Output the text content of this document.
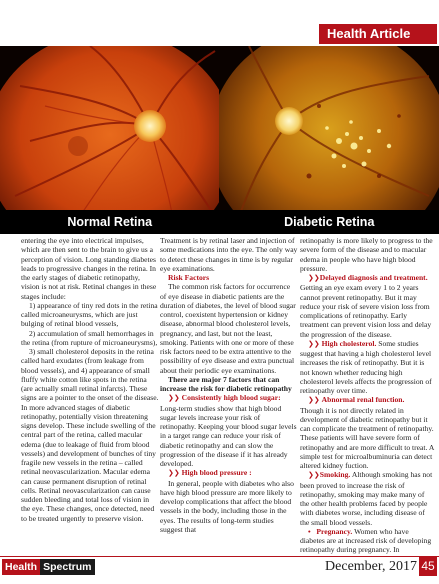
Health Article
Normal Retina	Diabetic Retina

entering the eye into electrical impulses, which are then sent to the brain to give us a perception of vision. Long standing diabetes leads to progressive changes in the retina. In the early stages of diabetic retinopathy, vision is not at risk. Retinal changes in these stages include:

1) appearance of tiny red dots in the retina called microaneurysms, which are just bulging of retinal blood vessels,

2) accumulation of small hemorrhages in the retina (from rupture of microaneurysms),

3) small cholesterol deposits in the retina called hard exudates (from leakage from blood vessels), and 4) appearance of small fluffy white cotton like spots in the retina (are actually small retinal infarcts). These signs are a pointer to the onset of the disease. In more advanced stages of diabetic retinopathy, potentially vision threatening signs develop. These include swelling of the central part of the retina, called macular edema (due to leakage of fluid from blood vessels) and development of bunches of tiny fragile new vessels in the retina – called retinal neovascularization. Macular edema can cause permanent disruption of retinal cells. Retinal neovascularization can cause sudden bleeding and total loss of vision in the eye. These changes, once detected, need to be treated urgently to preserve vision.

Treatment is by retinal laser and injection of some medications into the eye. The only way to detect these changes in time is by regular eye examinations.

Risk Factors

The common risk factors for occurrence of eye disease in diabetic patients are the duration of diabetes, the level of blood sugar control, coexistent hypertension or kidney disease, abnormal blood cholesterol levels, pregnancy, and last, but not the least, smoking. Patients with one or more of these risk factors need to be extra attentive to the possibility of eye disease and extra punctual about their periodic eye examinations.

There are major 7 factors that can increase the risk for diabetic retinopathy

❯❯ Consistently high blood sugar:

Long-term studies show that high blood sugar levels increase your risk of retinopathy. Keeping your blood sugar levels in a target range can reduce your risk of diabetic retinopathy and can slow the progression of the disease if it has already developed.

❯❯ High blood pressure :

In general, people with diabetes who also have high blood pressure are more likely to develop complications that affect the blood vessels in the body, including those in the eyes. The results of long-term studies suggest that

retinopathy is more likely to progress to the severe form of the disease and to macular edema in people who have high blood pressure.

❯❯Delayed diagnosis and treatment. Getting an eye exam every 1 to 2 years cannot prevent retinopathy. But it may reduce your risk of severe vision loss from complications of retinopathy. Early treatment can prevent vision loss and delay the progression of the disease.

❯❯ High cholesterol. Some studies suggest that having a high cholesterol level increases the risk of retinopathy. But it is not known whether reducing high cholesterol levels affects the progression of retinopathy over time.

❯❯ Abnormal renal function.

Though it is not directly related in development of diabetic retinopathy but it can complicate the treatment of retinopathy. These patients will have severe form of retinopathy and are more difficult to treat. A simple test for microalbuminuria can detect altered kidney fuction.

❯❯Smoking. Although smoking has not been proved to increase the risk of retinopathy, smoking may make many of the other health problems faced by people with diabetes worse, including disease of the small blood vessels.

• Pregnancy. Women who have diabetes are at increased risk of developing retinopathy during pregnancy. In

Health Spectrum	December, 2017 45
